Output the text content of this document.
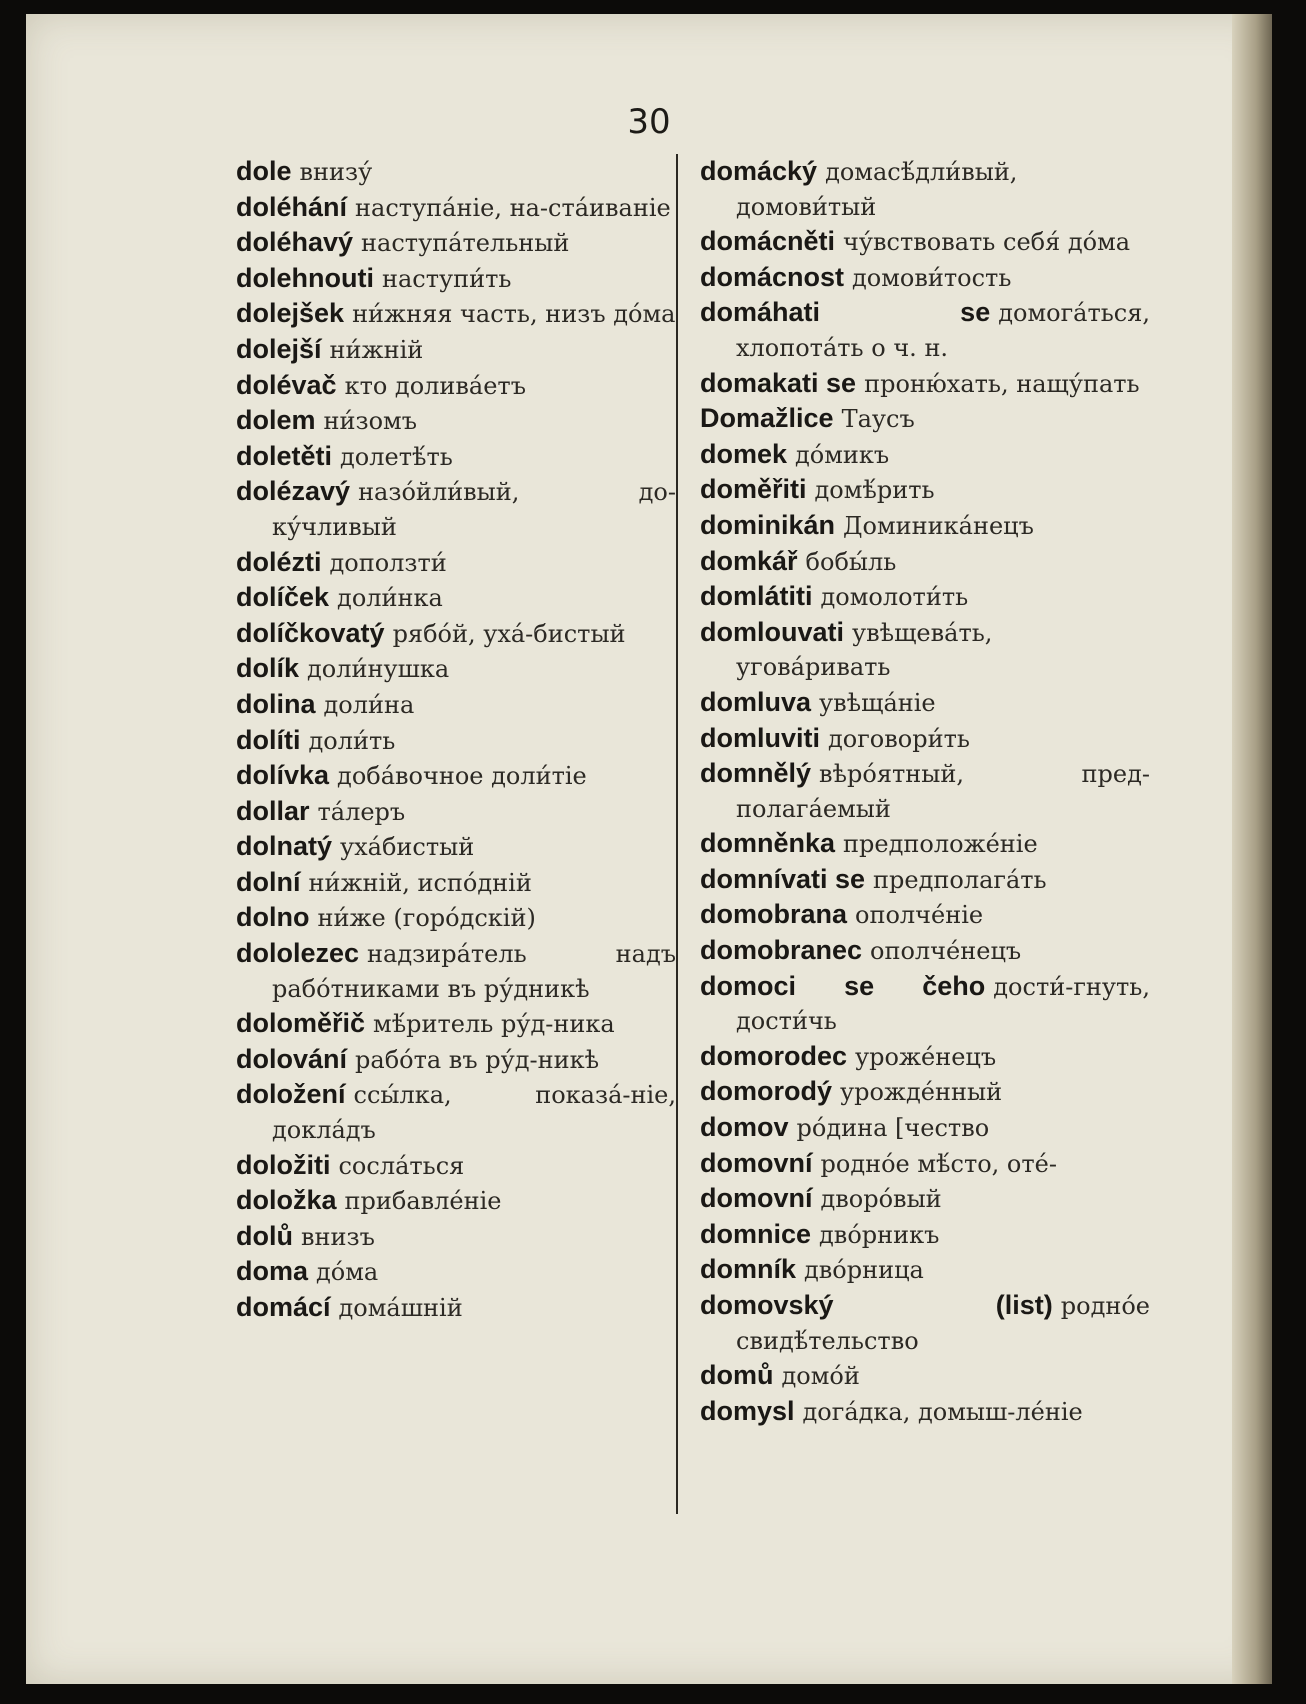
30
dole внизу́
doléhání наступа́ніе, на-ста́иваніе
doléhavý наступа́тельный
dolehnouti наступи́ть
dolejšek ни́жняя часть, низъ до́ма
dolejší ни́жній
dolévač кто долива́етъ
dolem ни́зомъ
doletěti долетѣ́ть
dolézavý назо́йли́вый, до-ку́чливый
dolézti доползти́
dolíček доли́нка
dolíčkovatý рябо́й, уха́-бистый
dolík доли́нушка
dolina доли́на
dolíti доли́ть
dolívka доба́вочное доли́тіе
dollar та́леръ
dolnatý уха́бистый
dolní ни́жній, испо́дній
dolno ни́же (горо́дскій)
dololezec надзира́тель надъ рабо́тниками въ ру́дникѣ
doloměřič мѣ́ритель ру́д-ника
dolování рабо́та въ ру́д-никѣ
doložení ссы́лка, показа́-ніе, докла́дъ
doložiti сосла́ться
doložka прибавле́ніе
dolů внизъ
doma до́ма
domácí дома́шній
domácký домасѣ́дли́вый, домови́тый
domácněti чу́вствовать себя́ до́ма
domácnost домови́тость
domáhati se домога́ться, хлопота́ть о ч. н.
domakati se проню́хать, нащу́пать
Domažlice Таусъ
domek до́микъ
doměřiti домѣ́рить
dominikán Доминика́нецъ
domkář бобы́ль
domlátiti домолоти́ть
domlouvati увѣщева́ть, угова́ривать
domluva увѣща́ніе
domluviti договори́ть
domnělý вѣро́ятный, пред-полага́емый
domněnka предположе́ніе
domnívati se предполага́ть
domobrana ополче́ніе
domobranec ополче́нецъ
domoci se čeho дости́-гнуть, дости́чь
domorodec уроже́нецъ
domorodý урожде́нный
domov ро́дина [чество
domovní родно́е мѣ́сто, оте́-
domovní дворо́вый
domnice дво́рникъ
domník дво́рница
domovský (list) родно́е свидѣ́тельство
domů домо́й
domysl дога́дка, домыш-ле́ніе
